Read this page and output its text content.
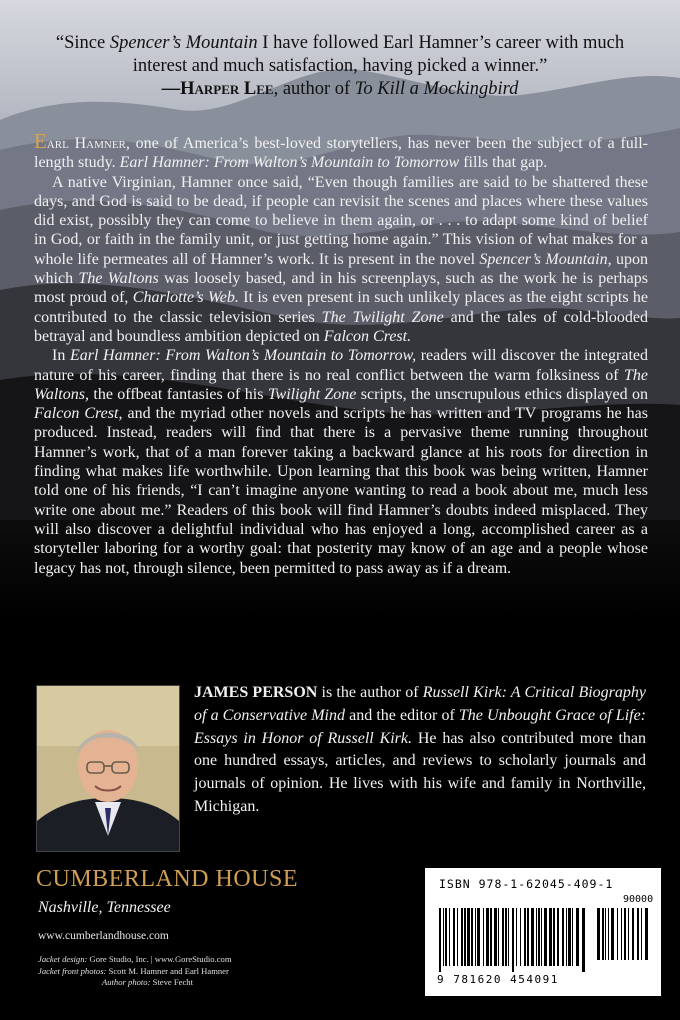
“Since Spencer’s Mountain I have followed Earl Hamner’s career with much interest and much satisfaction, having picked a winner.”
—Harper Lee, author of To Kill a Mockingbird

Earl Hamner, one of America’s best-loved storytellers, has never been the subject of a full-length study. Earl Hamner: From Walton’s Mountain to Tomorrow fills that gap.

A native Virginian, Hamner once said, “Even though families are said to be shattered these days, and God is said to be dead, if people can revisit the scenes and places where these values did exist, possibly they can come to believe in them again, or . . . to adapt some kind of belief in God, or faith in the family unit, or just getting home again.” This vision of what makes for a whole life permeates all of Hamner’s work. It is present in the novel Spencer’s Mountain, upon which The Waltons was loosely based, and in his screenplays, such as the work he is perhaps most proud of, Charlotte’s Web. It is even present in such unlikely places as the eight scripts he contributed to the classic television series The Twilight Zone and the tales of cold-blooded betrayal and boundless ambition depicted on Falcon Crest.

In Earl Hamner: From Walton’s Mountain to Tomorrow, readers will discover the integrated nature of his career, finding that there is no real conflict between the warm folksiness of The Waltons, the offbeat fantasies of his Twilight Zone scripts, the unscrupulous ethics displayed on Falcon Crest, and the myriad other novels and scripts he has written and TV programs he has produced. Instead, readers will find that there is a pervasive theme running throughout Hamner’s work, that of a man forever taking a backward glance at his roots for direction in finding what makes life worthwhile. Upon learning that this book was being written, Hamner told one of his friends, “I can’t imagine anyone wanting to read a book about me, much less write one about me.” Readers of this book will find Hamner’s doubts indeed misplaced. They will also discover a delightful individual who has enjoyed a long, accomplished career as a storyteller laboring for a worthy goal: that posterity may know of an age and a people whose legacy has not, through silence, been permitted to pass away as if a dream.

JAMES PERSON is the author of Russell Kirk: A Critical Biography of a Conservative Mind and the editor of The Unbought Grace of Life: Essays in Honor of Russell Kirk. He has also contributed more than one hundred essays, articles, and reviews to scholarly journals and journals of opinion. He lives with his wife and family in Northville, Michigan.
CUMBERLAND HOUSE
Nashville, Tennessee
www.cumberlandhouse.com
Jacket design: Gore Studio, Inc. | www.GoreStudio.com
Jacket front photos: Scott M. Hamner and Earl Hamner
Author photo: Steve Fecht
ISBN 978-1-62045-409-1
90000
9 781620 454091
